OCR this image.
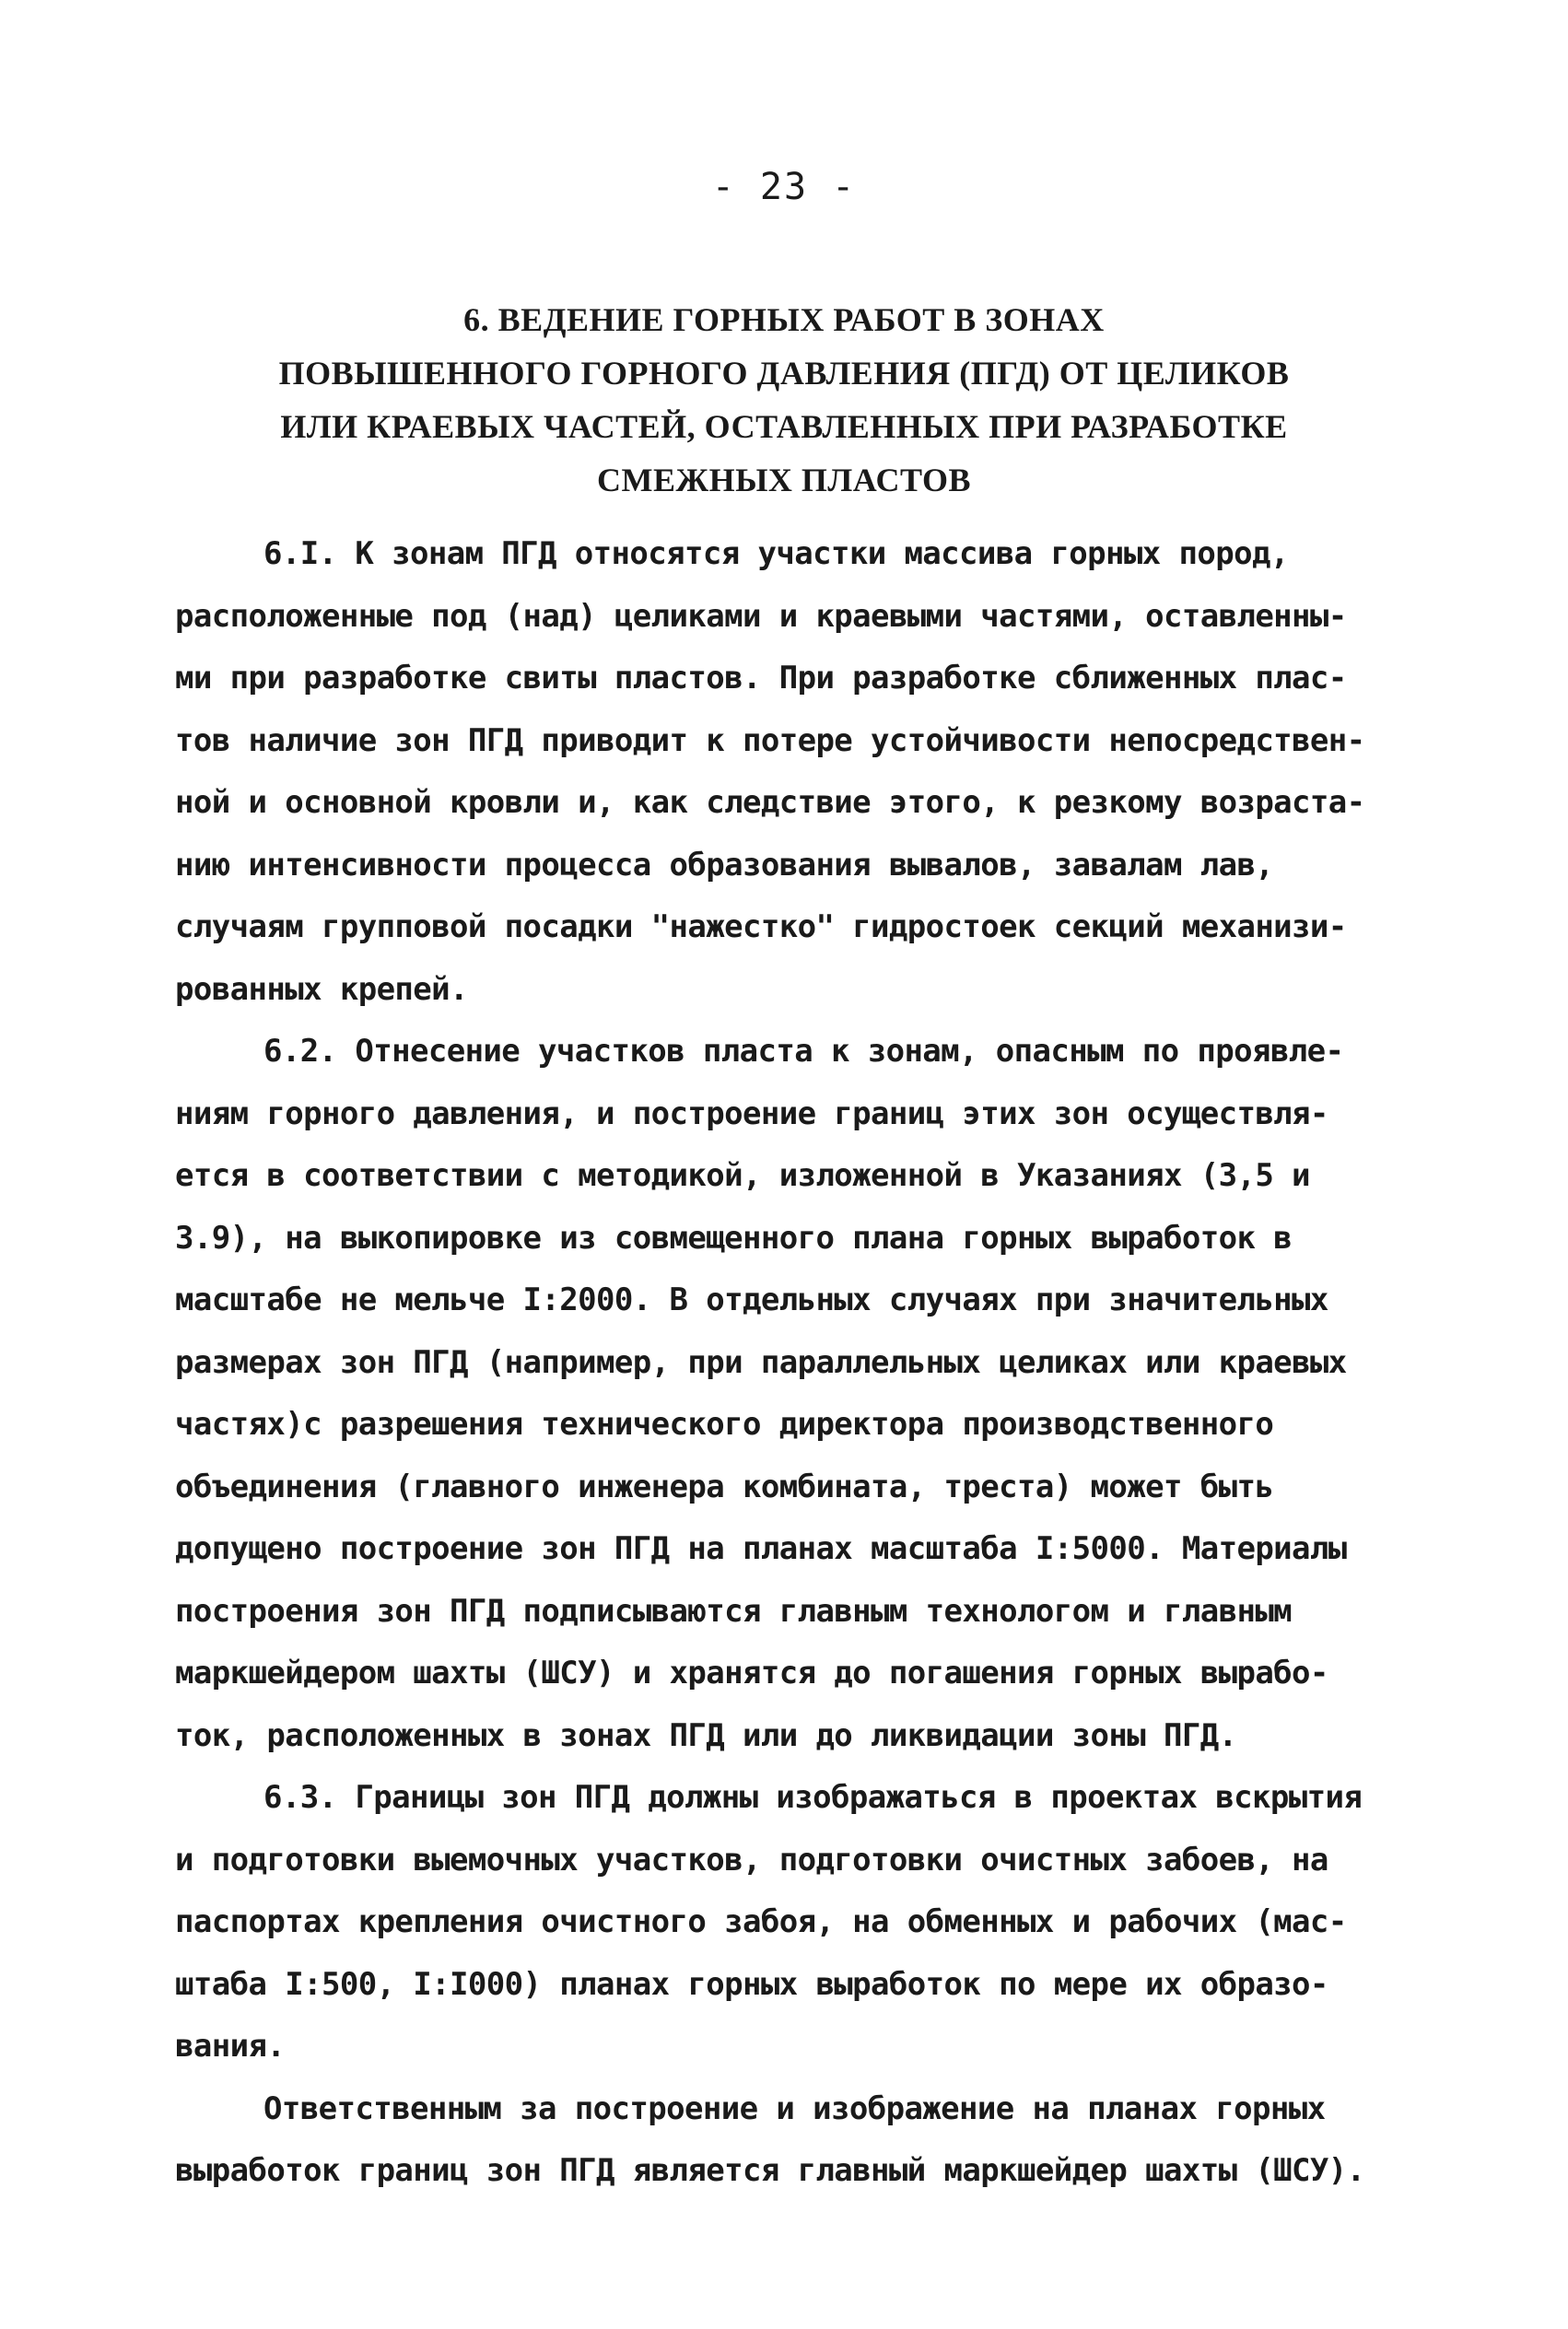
- 23 -
6. ВЕДЕНИЕ ГОРНЫХ РАБОТ В ЗОНАХ
ПОВЫШЕННОГО ГОРНОГО ДАВЛЕНИЯ (ПГД) ОТ ЦЕЛИКОВ
ИЛИ КРАЕВЫХ ЧАСТЕЙ, ОСТАВЛЕННЫХ ПРИ РАЗРАБОТКЕ
СМЕЖНЫХ ПЛАСТОВ
6.I. К зонам ПГД относятся участки массива горных пород,
расположенные под (над) целиками и краевыми частями, оставленны-
ми при разработке свиты пластов. При разработке сближенных плас-
тов наличие зон ПГД приводит к потере устойчивости непосредствен-
ной и основной кровли и, как следствие этого, к резкому возраста-
нию интенсивности процесса образования вывалов, завалам лав,
случаям групповой посадки "нажестко" гидростоек секций механизи-
рованных крепей.
6.2. Отнесение участков пласта к зонам, опасным по проявле-
ниям горного давления, и построение границ этих зон осуществля-
ется в соответствии с методикой, изложенной в Указаниях (3,5 и
3.9), на выкопировке из совмещенного плана горных выработок в
масштабе не мельче I:2000. В отдельных случаях при значительных
размерах зон ПГД (например, при параллельных целиках или краевых
частях)с разрешения технического директора производственного
объединения (главного инженера комбината, треста) может быть
допущено построение зон ПГД на планах масштаба I:5000. Материалы
построения зон ПГД подписываются главным технологом и главным
маркшейдером шахты (ШСУ) и хранятся до погашения горных вырабо-
ток, расположенных в зонах ПГД или до ликвидации зоны ПГД.
6.3. Границы зон ПГД должны изображаться в проектах вскрытия
и подготовки выемочных участков, подготовки очистных забоев, на
паспортах крепления очистного забоя, на обменных и рабочих (мас-
штаба I:500, I:I000) планах горных выработок по мере их образо-
вания.
Ответственным за построение и изображение на планах горных
выработок границ зон ПГД является главный маркшейдер шахты (ШСУ).
